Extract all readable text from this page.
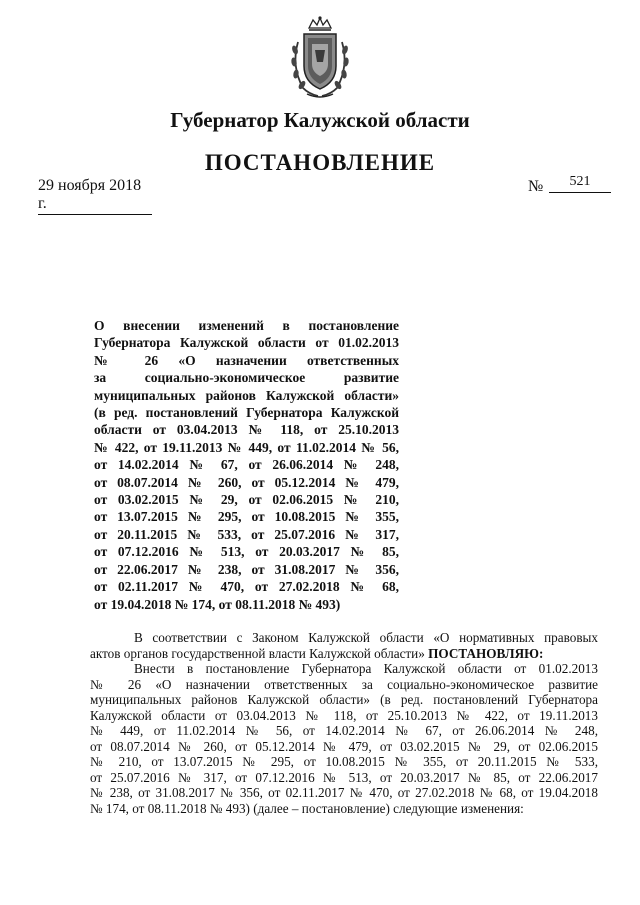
Губернатор Калужской области
ПОСТАНОВЛЕНИЕ
29 ноября 2018 г.
№	521
О внесении изменений в постановление
Губернатора Калужской области от 01.02.2013
№ 26 «О назначении ответственных
за социально-экономическое развитие
муниципальных районов Калужской области»
(в ред. постановлений Губернатора Калужской
области от 03.04.2013 № 118, от 25.10.2013
№ 422, от 19.11.2013 № 449, от 11.02.2014 № 56,
от 14.02.2014 № 67, от 26.06.2014 № 248,
от 08.07.2014 № 260, от 05.12.2014 № 479,
от 03.02.2015 № 29, от 02.06.2015 № 210,
от 13.07.2015 № 295, от 10.08.2015 № 355,
от 20.11.2015 № 533, от 25.07.2016 № 317,
от 07.12.2016 № 513, от 20.03.2017 № 85,
от 22.06.2017 № 238, от 31.08.2017 № 356,
от 02.11.2017 № 470, от 27.02.2018 № 68,
от 19.04.2018 № 174, от 08.11.2018 № 493)
В соответствии с Законом Калужской области «О нормативных правовых
актов органов государственной власти Калужской области» ПОСТАНОВЛЯЮ:
Внести в постановление Губернатора Калужской области от 01.02.2013
№ 26 «О назначении ответственных за социально-экономическое развитие
муниципальных районов Калужской области» (в ред. постановлений Губернатора
Калужской области от 03.04.2013 № 118, от 25.10.2013 № 422, от 19.11.2013
№ 449, от 11.02.2014 № 56, от 14.02.2014 № 67, от 26.06.2014 № 248,
от 08.07.2014 № 260, от 05.12.2014 № 479, от 03.02.2015 № 29, от 02.06.2015
№ 210, от 13.07.2015 № 295, от 10.08.2015 № 355, от 20.11.2015 № 533,
от 25.07.2016 № 317, от 07.12.2016 № 513, от 20.03.2017 № 85, от 22.06.2017
№ 238, от 31.08.2017 № 356, от 02.11.2017 № 470, от 27.02.2018 № 68, от 19.04.2018
№ 174, от 08.11.2018 № 493) (далее – постановление) следующие изменения:
